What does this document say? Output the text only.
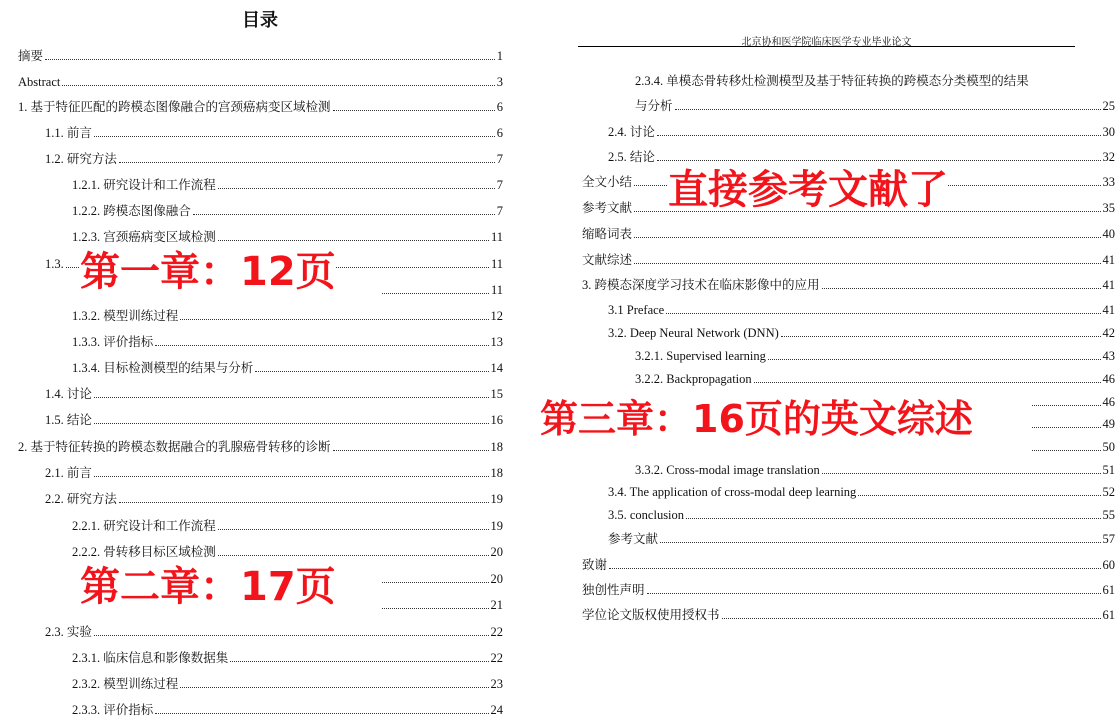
目录
摘要	1
Abstract	3
1. 基于特征匹配的跨模态图像融合的宫颈癌病变区域检测	6
1.1. 前言	6
1.2. 研究方法	7
1.2.1. 研究设计和工作流程	7
1.2.2. 跨模态图像融合	7
1.2.3. 宫颈癌病变区域检测	11
1.3.	11
11
1.3.2. 模型训练过程	12
1.3.3. 评价指标	13
1.3.4. 目标检测模型的结果与分析	14
1.4. 讨论	15
1.5. 结论	16
2. 基于特征转换的跨模态数据融合的乳腺癌骨转移的诊断	18
2.1. 前言	18
2.2. 研究方法	19
2.2.1. 研究设计和工作流程	19
2.2.2. 骨转移目标区域检测	20
20
21
2.3. 实验	22
2.3.1. 临床信息和影像数据集	22
2.3.2. 模型训练过程	23
2.3.3. 评价指标	24
第一章：12页
第二章：17页
北京协和医学院临床医学专业毕业论文
2.3.4. 单模态骨转移灶检测模型及基于特征转换的跨模态分类模型的结果
与分析	25
2.4. 讨论	30
2.5. 结论	32
全文小结	33
参考文献	35
缩略词表	40
文献综述	41
3. 跨模态深度学习技术在临床影像中的应用	41
3.1 Preface	41
3.2. Deep Neural Network (DNN)	42
3.2.1. Supervised learning	43
3.2.2. Backpropagation	46
46
49
50
3.3.2. Cross-modal image translation	51
3.4. The application of cross-modal deep learning	52
3.5. conclusion	55
参考文献	57
致谢	60
独创性声明	61
学位论文版权使用授权书	61
直接参考文献了
第三章：16页的英文综述
